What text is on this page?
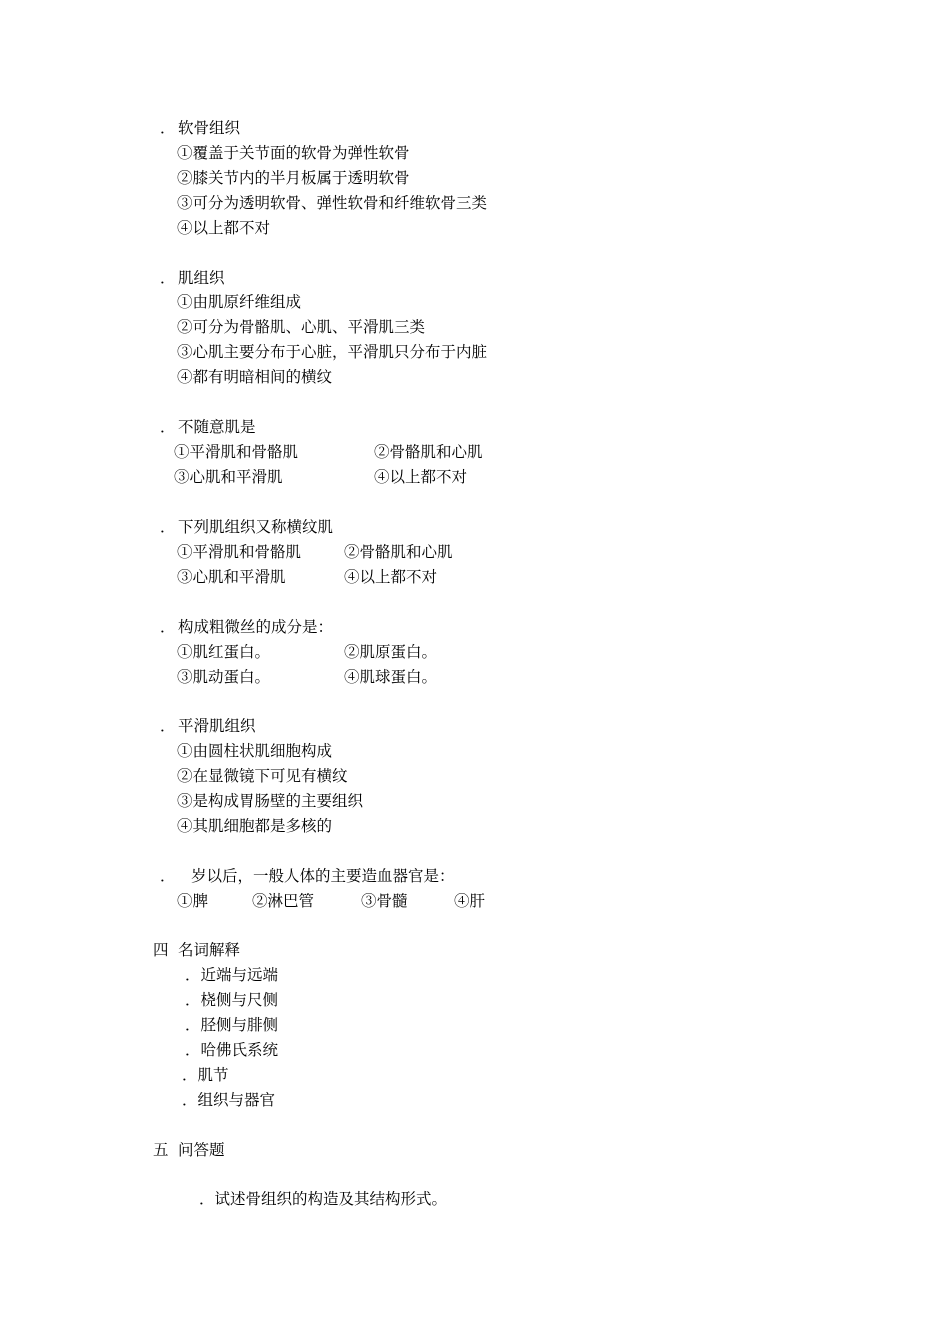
． 软骨组织
①覆盖于关节面的软骨为弹性软骨
②膝关节内的半月板属于透明软骨
③可分为透明软骨、弹性软骨和纤维软骨三类
④以上都不对
． 肌组织
①由肌原纤维组成
②可分为骨骼肌、心肌、平滑肌三类
③心肌主要分布于心脏，平滑肌只分布于内脏
④都有明暗相间的横纹
． 不随意肌是
①平滑肌和骨骼肌	②骨骼肌和心肌
③心肌和平滑肌	④以上都不对
． 下列肌组织又称横纹肌
①平滑肌和骨骼肌	②骨骼肌和心肌
③心肌和平滑肌	④以上都不对
． 构成粗微丝的成分是：
①肌红蛋白。	②肌原蛋白。
③肌动蛋白。	④肌球蛋白。
． 平滑肌组织
①由圆柱状肌细胞构成
②在显微镜下可见有横纹
③是构成胃肠壁的主要组织
④其肌细胞都是多核的
． 岁以后，一般人体的主要造血器官是：
①脾	②淋巴管	③骨髓	④肝
四 名词解释
．近端与远端
．桡侧与尺侧
．胫侧与腓侧
．哈佛氏系统
．肌节
．组织与器官
五 问答题
．试述骨组织的构造及其结构形式。
